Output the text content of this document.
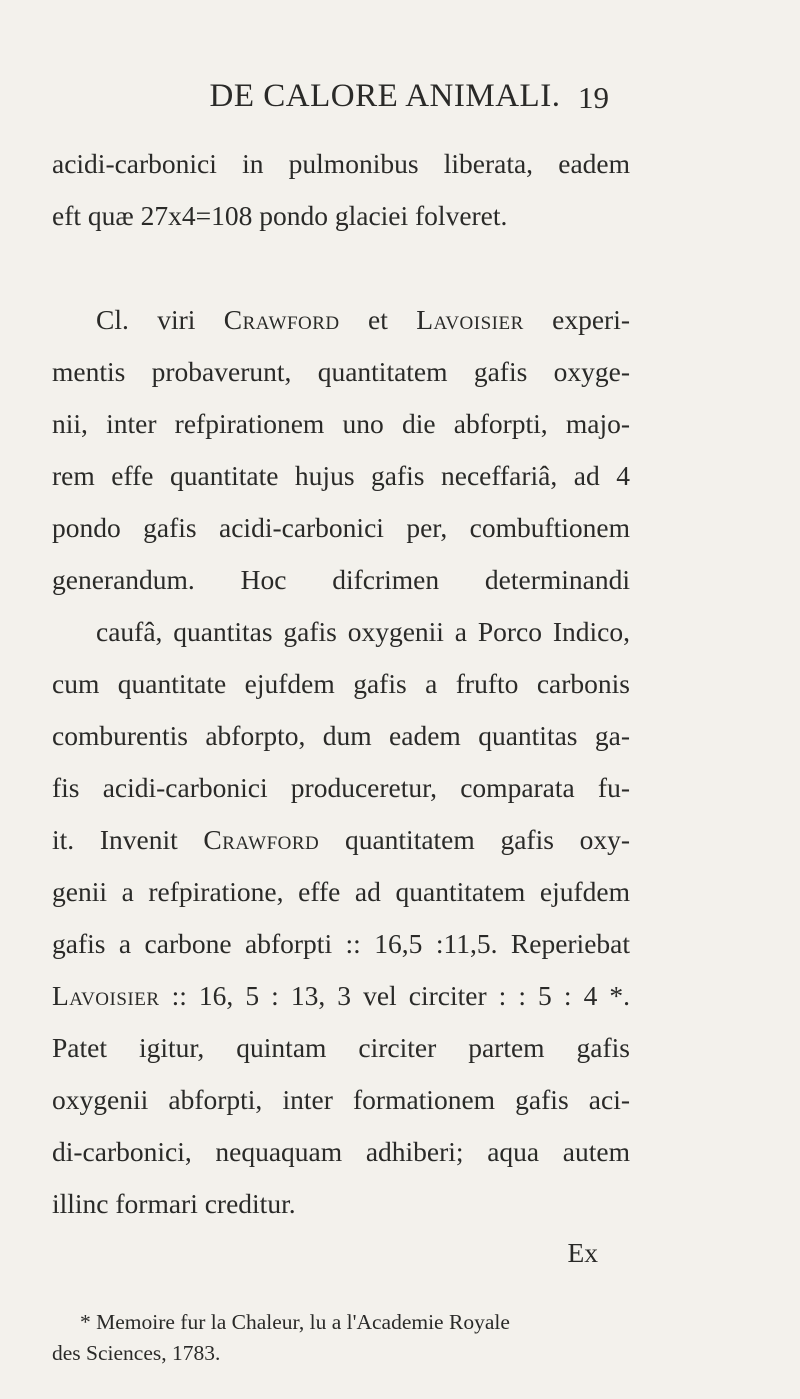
DE CALORE ANIMALI. 19
acidi-carbonici in pulmonibus liberata, eadem
eft quæ 27x4=108 pondo glaciei folveret.

Cl. viri Crawford et Lavoisier experi-
mentis probaverunt, quantitatem gafis oxyge-
nii, inter refpirationem uno die abforpti, majo-
rem effe quantitate hujus gafis neceffariâ, ad 4
pondo gafis acidi-carbonici per, combuftionem
generandum. Hoc difcrimen determinandi
caufâ, quantitas gafis oxygenii a Porco Indico,
cum quantitate ejufdem gafis a frufto carbonis
comburentis abforpto, dum eadem quantitas ga-
fis acidi-carbonici produceretur, comparata fu-
it. Invenit Crawford quantitatem gafis oxy-
genii a refpiratione, effe ad quantitatem ejufdem
gafis a carbone abforpti :: 16,5 :11,5. Reperiebat
Lavoisier :: 16, 5 : 13, 3 vel circiter : : 5 : 4 *.
Patet igitur, quintam circiter partem gafis
oxygenii abforpti, inter formationem gafis aci-
di-carbonici, nequaquam adhiberi; aqua autem
illinc formari creditur.
Ex
* Memoire fur la Chaleur, lu a l'Academie Royale
des Sciences, 1783.
